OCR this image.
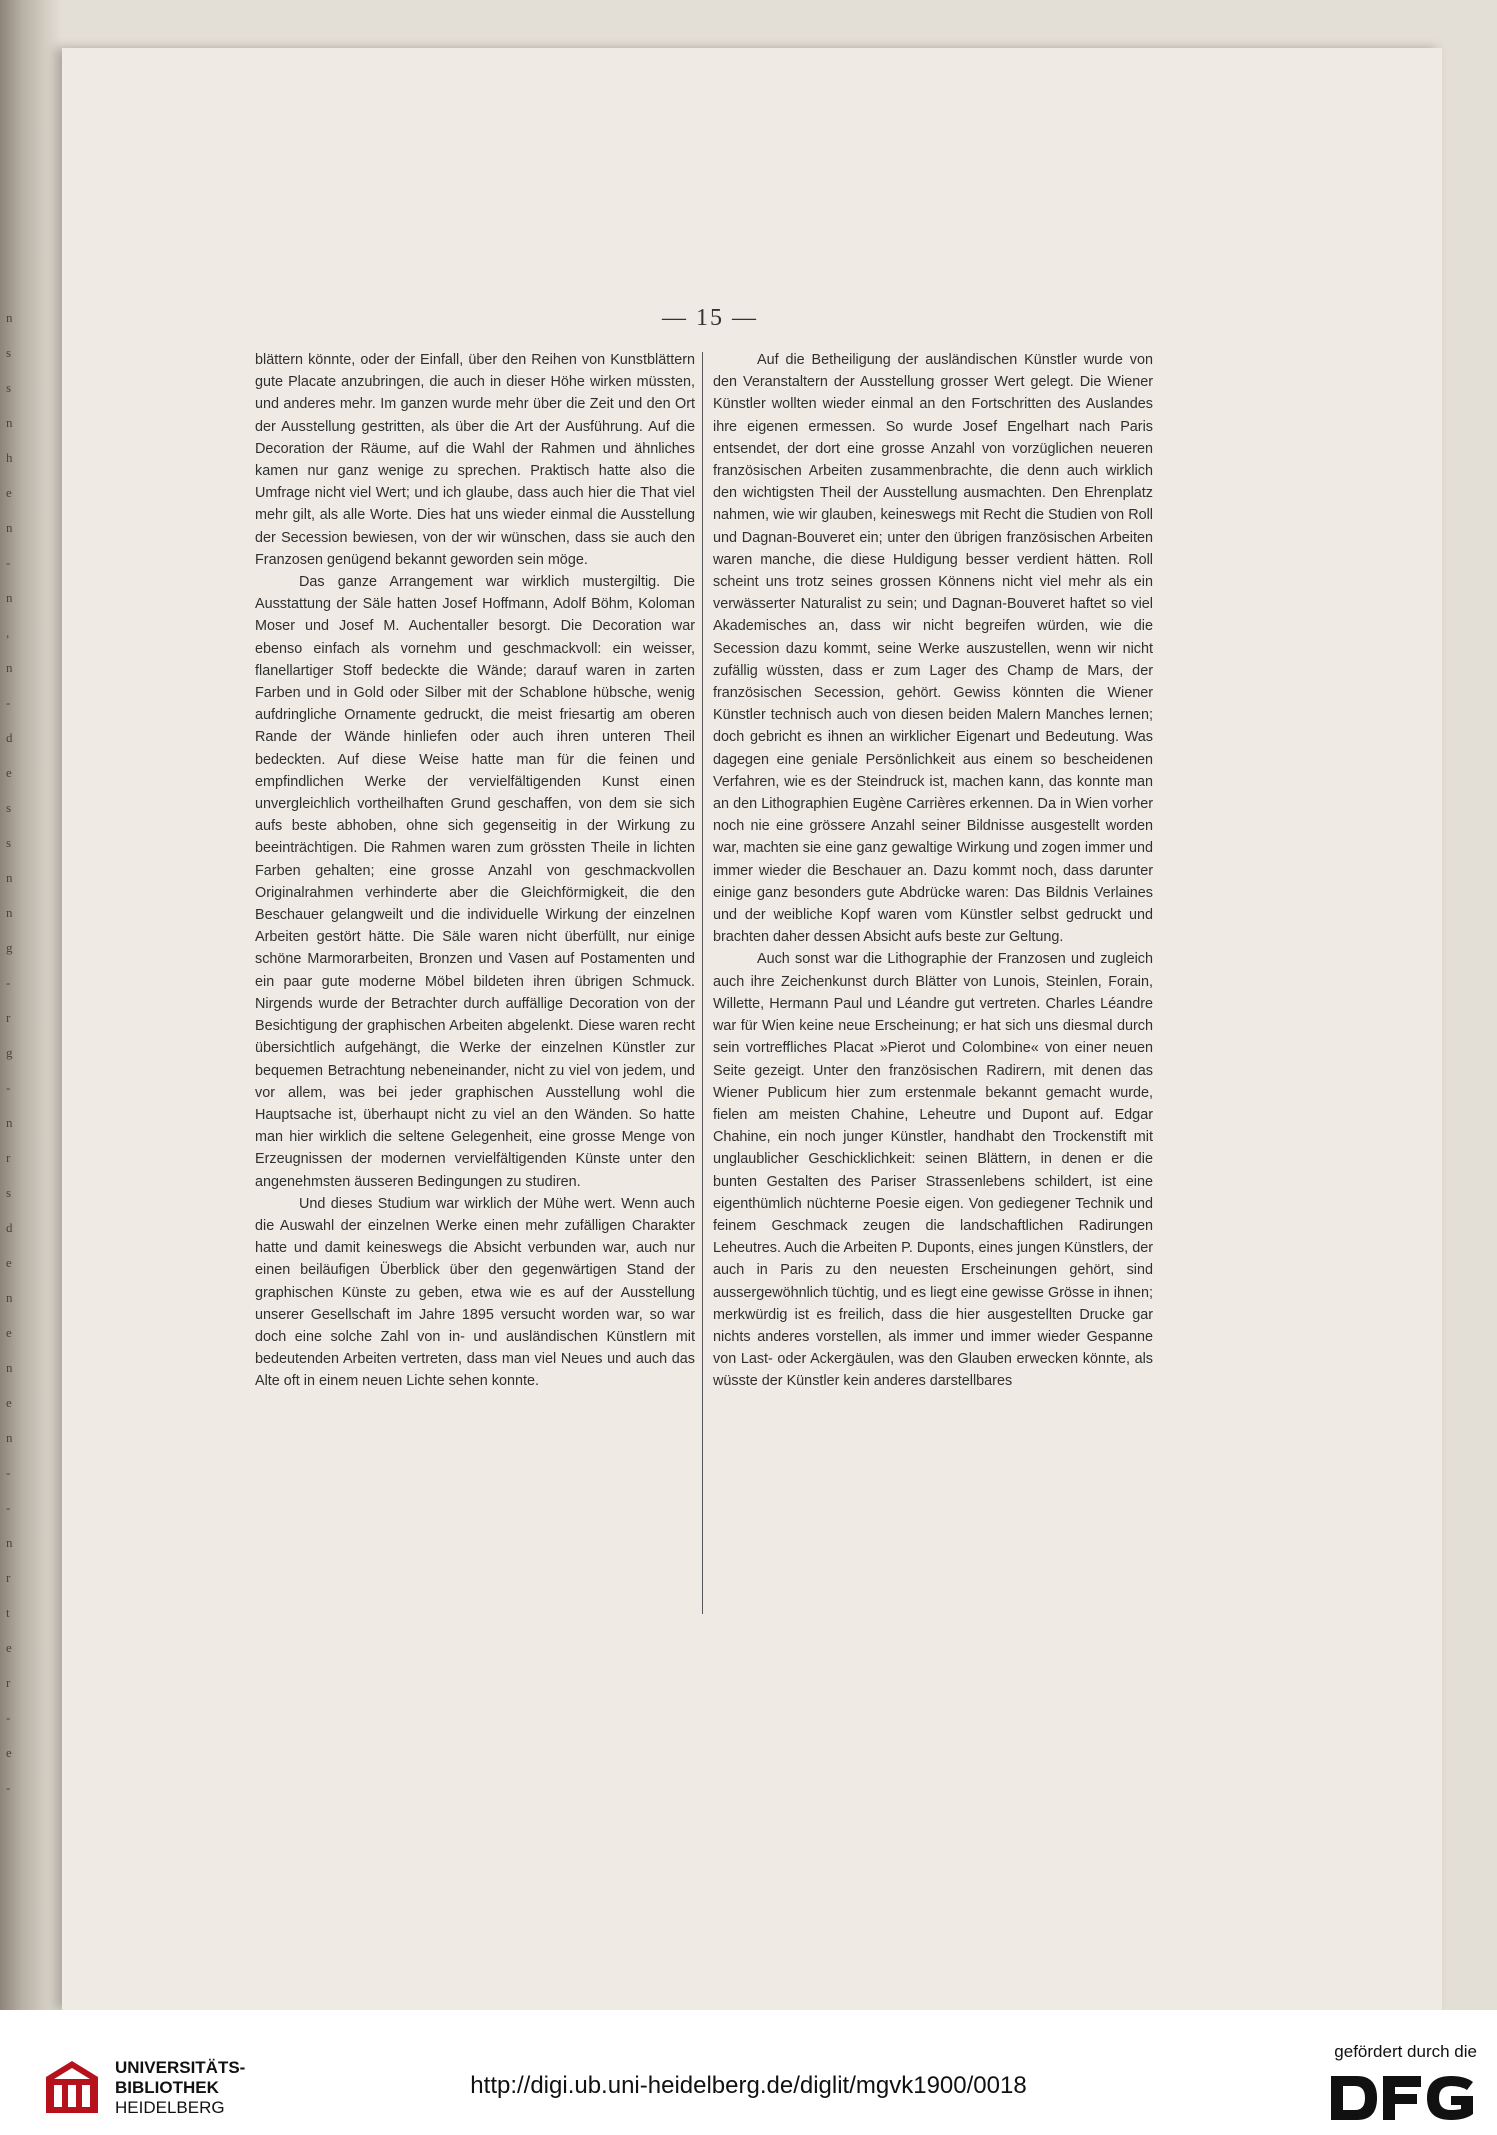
n
s
s
n
h
e
n
-
n
,
n
-
d
e
s
s
n
n
g
-
r
g
-
n
r
s
d
e
n
e
n
e
n
-
-
n
r
t
e
r
-
e
-
— 15 —

blättern könnte, oder der Einfall, über den Reihen von Kunstblättern gute Placate anzubringen, die auch in dieser Höhe wirken müssten, und anderes mehr. Im ganzen wurde mehr über die Zeit und den Ort der Ausstellung gestritten, als über die Art der Ausführung. Auf die Decoration der Räume, auf die Wahl der Rahmen und ähnliches kamen nur ganz wenige zu sprechen. Praktisch hatte also die Umfrage nicht viel Wert; und ich glaube, dass auch hier die That viel mehr gilt, als alle Worte. Dies hat uns wieder einmal die Ausstellung der Secession bewiesen, von der wir wünschen, dass sie auch den Franzosen genügend bekannt geworden sein möge.

Das ganze Arrangement war wirklich mustergiltig. Die Ausstattung der Säle hatten Josef Hoffmann, Adolf Böhm, Koloman Moser und Josef M. Auchentaller besorgt. Die Decoration war ebenso einfach als vornehm und geschmackvoll: ein weisser, flanellartiger Stoff bedeckte die Wände; darauf waren in zarten Farben und in Gold oder Silber mit der Schablone hübsche, wenig aufdringliche Ornamente gedruckt, die meist friesartig am oberen Rande der Wände hinliefen oder auch ihren unteren Theil bedeckten. Auf diese Weise hatte man für die feinen und empfindlichen Werke der vervielfältigenden Kunst einen unvergleichlich vortheilhaften Grund geschaffen, von dem sie sich aufs beste abhoben, ohne sich gegenseitig in der Wirkung zu beeinträchtigen. Die Rahmen waren zum grössten Theile in lichten Farben gehalten; eine grosse Anzahl von geschmackvollen Originalrahmen verhinderte aber die Gleichförmigkeit, die den Beschauer gelangweilt und die individuelle Wirkung der einzelnen Arbeiten gestört hätte. Die Säle waren nicht überfüllt, nur einige schöne Marmorarbeiten, Bronzen und Vasen auf Postamenten und ein paar gute moderne Möbel bildeten ihren übrigen Schmuck. Nirgends wurde der Betrachter durch auffällige Decoration von der Besichtigung der graphischen Arbeiten abgelenkt. Diese waren recht übersichtlich aufgehängt, die Werke der einzelnen Künstler zur bequemen Betrachtung nebeneinander, nicht zu viel von jedem, und vor allem, was bei jeder graphischen Ausstellung wohl die Hauptsache ist, überhaupt nicht zu viel an den Wänden. So hatte man hier wirklich die seltene Gelegenheit, eine grosse Menge von Erzeugnissen der modernen vervielfältigenden Künste unter den angenehmsten äusseren Bedingungen zu studiren.

Und dieses Studium war wirklich der Mühe wert. Wenn auch die Auswahl der einzelnen Werke einen mehr zufälligen Charakter hatte und damit keineswegs die Absicht verbunden war, auch nur einen beiläufigen Überblick über den gegenwärtigen Stand der graphischen Künste zu geben, etwa wie es auf der Ausstellung unserer Gesellschaft im Jahre 1895 versucht worden war, so war doch eine solche Zahl von in- und ausländischen Künstlern mit bedeutenden Arbeiten vertreten, dass man viel Neues und auch das Alte oft in einem neuen Lichte sehen konnte.

Auf die Betheiligung der ausländischen Künstler wurde von den Veranstaltern der Ausstellung grosser Wert gelegt. Die Wiener Künstler wollten wieder einmal an den Fortschritten des Auslandes ihre eigenen ermessen. So wurde Josef Engelhart nach Paris entsendet, der dort eine grosse Anzahl von vorzüglichen neueren französischen Arbeiten zusammenbrachte, die denn auch wirklich den wichtigsten Theil der Ausstellung ausmachten. Den Ehrenplatz nahmen, wie wir glauben, keineswegs mit Recht die Studien von Roll und Dagnan-Bouveret ein; unter den übrigen französischen Arbeiten waren manche, die diese Huldigung besser verdient hätten. Roll scheint uns trotz seines grossen Könnens nicht viel mehr als ein verwässerter Naturalist zu sein; und Dagnan-Bouveret haftet so viel Akademisches an, dass wir nicht begreifen würden, wie die Secession dazu kommt, seine Werke auszustellen, wenn wir nicht zufällig wüssten, dass er zum Lager des Champ de Mars, der französischen Secession, gehört. Gewiss könnten die Wiener Künstler technisch auch von diesen beiden Malern Manches lernen; doch gebricht es ihnen an wirklicher Eigenart und Bedeutung. Was dagegen eine geniale Persönlichkeit aus einem so bescheidenen Verfahren, wie es der Steindruck ist, machen kann, das konnte man an den Lithographien Eugène Carrières erkennen. Da in Wien vorher noch nie eine grössere Anzahl seiner Bildnisse ausgestellt worden war, machten sie eine ganz gewaltige Wirkung und zogen immer und immer wieder die Beschauer an. Dazu kommt noch, dass darunter einige ganz besonders gute Abdrücke waren: Das Bildnis Verlaines und der weibliche Kopf waren vom Künstler selbst gedruckt und brachten daher dessen Absicht aufs beste zur Geltung.

Auch sonst war die Lithographie der Franzosen und zugleich auch ihre Zeichenkunst durch Blätter von Lunois, Steinlen, Forain, Willette, Hermann Paul und Léandre gut vertreten. Charles Léandre war für Wien keine neue Erscheinung; er hat sich uns diesmal durch sein vortreffliches Placat »Pierot und Colombine« von einer neuen Seite gezeigt. Unter den französischen Radirern, mit denen das Wiener Publicum hier zum erstenmale bekannt gemacht wurde, fielen am meisten Chahine, Leheutre und Dupont auf. Edgar Chahine, ein noch junger Künstler, handhabt den Trockenstift mit unglaublicher Geschicklichkeit: seinen Blättern, in denen er die bunten Gestalten des Pariser Strassenlebens schildert, ist eine eigenthümlich nüchterne Poesie eigen. Von gediegener Technik und feinem Geschmack zeugen die landschaftlichen Radirungen Leheutres. Auch die Arbeiten P. Duponts, eines jungen Künstlers, der auch in Paris zu den neuesten Erscheinungen gehört, sind aussergewöhnlich tüchtig, und es liegt eine gewisse Grösse in ihnen; merkwürdig ist es freilich, dass die hier ausgestellten Drucke gar nichts anderes vorstellen, als immer und immer wieder Gespanne von Last- oder Ackergäulen, was den Glauben erwecken könnte, als wüsste der Künstler kein anderes darstellbares

UNIVERSITÄTS-
BIBLIOTHEK
HEIDELBERG
http://digi.ub.uni-heidelberg.de/diglit/mgvk1900/0018
gefördert durch die
